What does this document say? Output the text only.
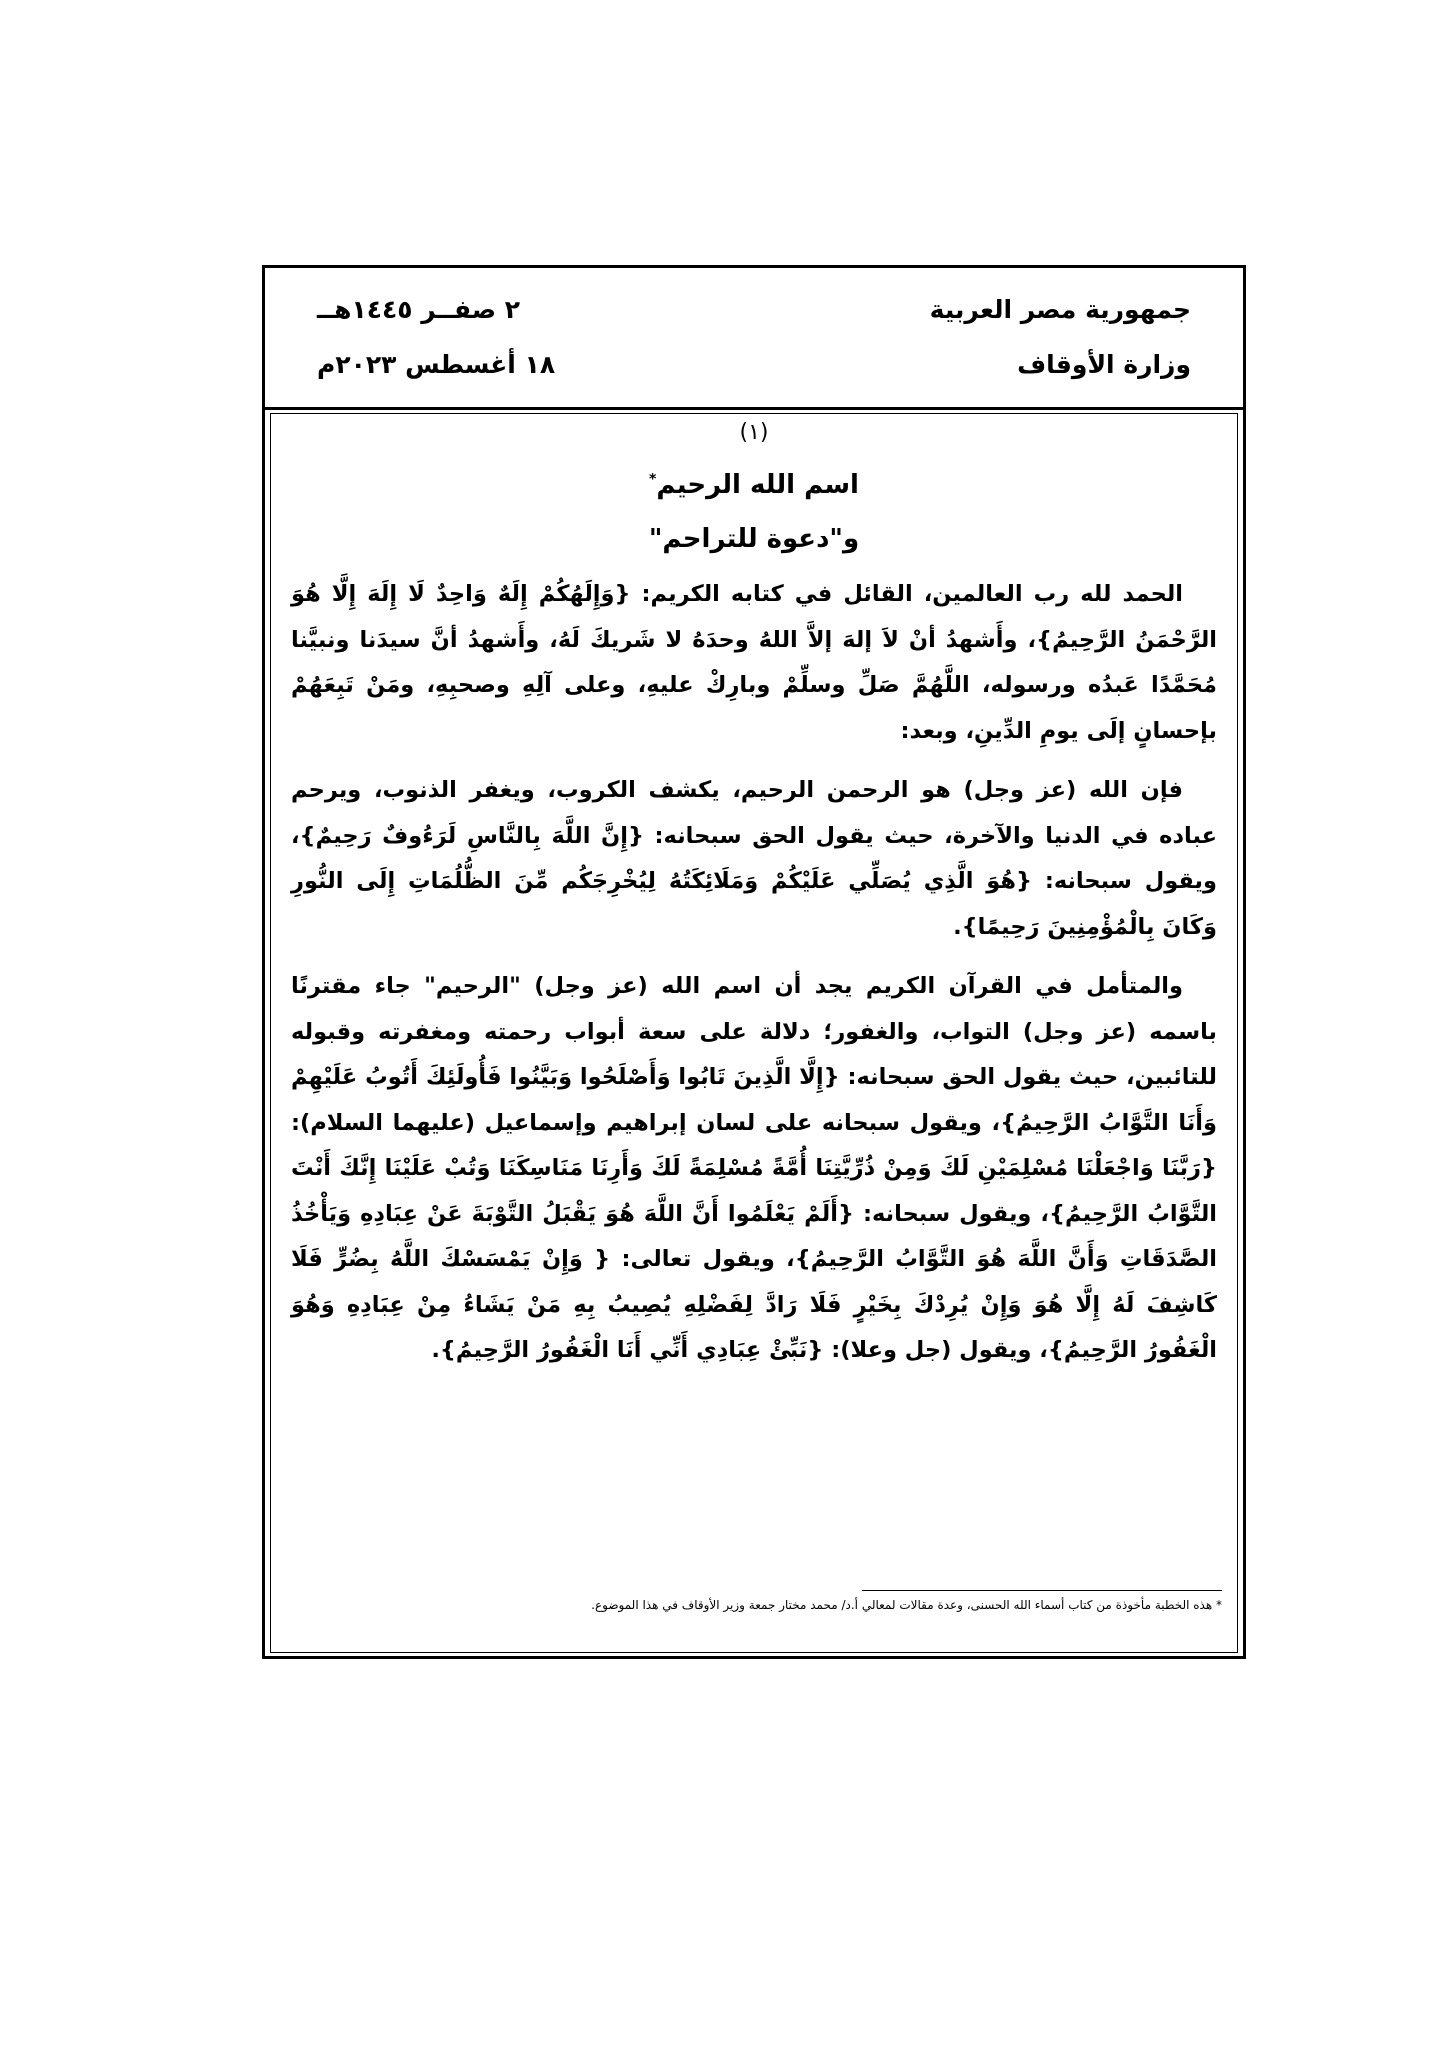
جمهورية مصر العربية
وزارة الأوقاف
٢ صفــر ١٤٤٥هــ
١٨ أغسطس ٢٠٢٣م
(١)
اسم الله الرحيم*
و"دعوة للتراحم"

الحمد لله رب العالمين، القائل في كتابه الكريم: {وَإِلَهُكُمْ إِلَهٌ وَاحِدٌ لَا إِلَهَ إِلَّا هُوَ الرَّحْمَنُ الرَّحِيمُ}، وأَشهدُ أنْ لاَ إلهَ إلاَّ اللهُ وحدَهُ لا شَريكَ لَهُ، وأَشهدُ أنَّ سيدَنا ونبيَّنا مُحَمَّدًا عَبدُه ورسوله، اللَّهُمَّ صَلِّ وسلِّمْ وبارِكْ عليهِ، وعلى آلِهِ وصحبِهِ، ومَنْ تَبِعَهُمْ بإحسانٍ إلَى يومِ الدِّينِ، وبعد:

فإن الله (عز وجل) هو الرحمن الرحيم، يكشف الكروب، ويغفر الذنوب، ويرحم عباده في الدنيا والآخرة، حيث يقول الحق سبحانه: {إِنَّ اللَّهَ بِالنَّاسِ لَرَءُوفٌ رَحِيمٌ}، ويقول سبحانه: {هُوَ الَّذِي يُصَلِّي عَلَيْكُمْ وَمَلَائِكَتُهُ لِيُخْرِجَكُم مِّنَ الظُّلُمَاتِ إِلَى النُّورِ وَكَانَ بِالْمُؤْمِنِينَ رَحِيمًا}.

والمتأمل في القرآن الكريم يجد أن اسم الله (عز وجل) "الرحيم" جاء مقترنًا باسمه (عز وجل) التواب، والغفور؛ دلالة على سعة أبواب رحمته ومغفرته وقبوله للتائبين، حيث يقول الحق سبحانه: {إِلَّا الَّذِينَ تَابُوا وَأَصْلَحُوا وَبَيَّنُوا فَأُولَئِكَ أَتُوبُ عَلَيْهِمْ وَأَنَا التَّوَّابُ الرَّحِيمُ}، ويقول سبحانه على لسان إبراهيم وإسماعيل (عليهما السلام): {رَبَّنَا وَاجْعَلْنَا مُسْلِمَيْنِ لَكَ وَمِنْ ذُرِّيَّتِنَا أُمَّةً مُسْلِمَةً لَكَ وَأَرِنَا مَنَاسِكَنَا وَتُبْ عَلَيْنَا إِنَّكَ أَنْتَ التَّوَّابُ الرَّحِيمُ}، ويقول سبحانه: {أَلَمْ يَعْلَمُوا أَنَّ اللَّهَ هُوَ يَقْبَلُ التَّوْبَةَ عَنْ عِبَادِهِ وَيَأْخُذُ الصَّدَقَاتِ وَأَنَّ اللَّهَ هُوَ التَّوَّابُ الرَّحِيمُ}، ويقول تعالى: { وَإِنْ يَمْسَسْكَ اللَّهُ بِضُرٍّ فَلَا كَاشِفَ لَهُ إِلَّا هُوَ وَإِنْ يُرِدْكَ بِخَيْرٍ فَلَا رَادَّ لِفَضْلِهِ يُصِيبُ بِهِ مَنْ يَشَاءُ مِنْ عِبَادِهِ وَهُوَ الْغَفُورُ الرَّحِيمُ}، ويقول (جل وعلا): {نَبِّئْ عِبَادِي أَنِّي أَنَا الْغَفُورُ الرَّحِيمُ}.

* هذه الخطبة مأخوذة من كتاب أسماء الله الحسنى، وعدة مقالات لمعالي أ.د/ محمد مختار جمعة وزير الأوقاف في هذا الموضوع.
